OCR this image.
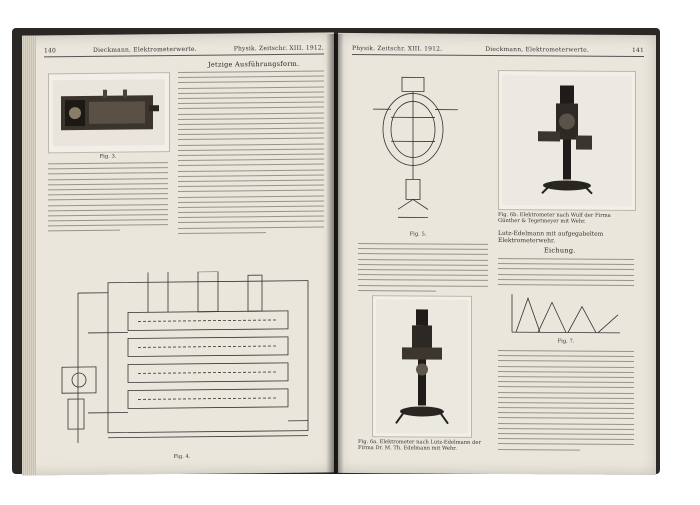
140	Dieckmann, Elektrometerwerte.	Physik. Zeitschr. XIII. 1912.
Fig. 3.
Jetzige Ausführungsform.
Fig. 4.
Physik. Zeitschr. XIII. 1912.	Dieckmann, Elektrometerwerte.	141
Fig. 5.
Fig. 6b. Elektrometer nach Wulf der Firma Günther & Tegetmeyer mit Wehr.
Fig. 6a. Elektrometer nach Lutz-Edelmann der Firma Dr. M. Th. Edelmann mit Wehr.
Lutz-Edelmann mit aufgegabeltem Elektrometerwehr.
Eichung.
Fig. 7.
